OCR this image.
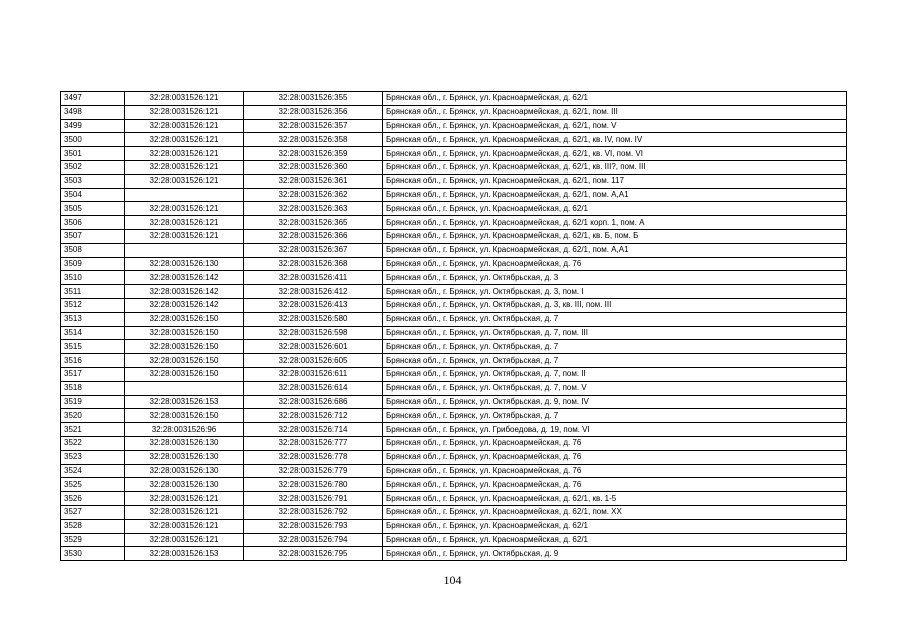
3497	32:28:0031526:121	32:28:0031526:355	Брянская обл., г. Брянск, ул. Красноармейская, д. 62/1
3498	32:28:0031526:121	32:28:0031526:356	Брянская обл., г. Брянск, ул. Красноармейская, д. 62/1, пом. III
3499	32:28:0031526:121	32:28:0031526:357	Брянская обл., г. Брянск, ул. Красноармейская, д. 62/1, пом. V
3500	32:28:0031526:121	32:28:0031526:358	Брянская обл., г. Брянск, ул. Красноармейская, д. 62/1, кв. IV, пом. IV
3501	32:28:0031526:121	32:28:0031526:359	Брянская обл., г. Брянск, ул. Красноармейская, д. 62/1, кв. VI, пом. VI
3502	32:28:0031526:121	32:28:0031526:360	Брянская обл., г. Брянск, ул. Красноармейская, д. 62/1, кв. III?, пом. III
3503	32:28:0031526:121	32:28:0031526:361	Брянская обл., г. Брянск, ул. Красноармейская, д. 62/1, пом. 117
3504		32:28:0031526:362	Брянская обл., г. Брянск, ул. Красноармейская, д. 62/1, пом. А,А1
3505	32:28:0031526:121	32:28:0031526:363	Брянская обл., г. Брянск, ул. Красноармейская, д. 62/1
3506	32:28:0031526:121	32:28:0031526:365	Брянская обл., г. Брянск, ул. Красноармейская, д. 62/1 корп. 1, пом. А
3507	32:28:0031526:121	32:28:0031526:366	Брянская обл., г. Брянск, ул. Красноармейская, д. 62/1, кв. Б, пом. Б
3508		32:28:0031526:367	Брянская обл., г. Брянск, ул. Красноармейская, д. 62/1, пом. А,А1
3509	32:28:0031526:130	32:28:0031526:368	Брянская обл., г. Брянск, ул. Красноармейская, д. 76
3510	32:28:0031526:142	32:28:0031526:411	Брянская обл., г. Брянск, ул. Октябрьская, д. 3
3511	32:28:0031526:142	32:28:0031526:412	Брянская обл., г. Брянск, ул. Октябрьская, д. 3, пом. I
3512	32:28:0031526:142	32:28:0031526:413	Брянская обл., г. Брянск, ул. Октябрьская, д. 3, кв. III, пом. III
3513	32:28:0031526:150	32:28:0031526:580	Брянская обл., г. Брянск, ул. Октябрьская, д. 7
3514	32:28:0031526:150	32:28:0031526:598	Брянская обл., г. Брянск, ул. Октябрьская, д. 7, пом. III
3515	32:28:0031526:150	32:28:0031526:601	Брянская обл., г. Брянск, ул. Октябрьская, д. 7
3516	32:28:0031526:150	32:28:0031526:605	Брянская обл., г. Брянск, ул. Октябрьская, д. 7
3517	32:28:0031526:150	32:28:0031526:611	Брянская обл., г. Брянск, ул. Октябрьская, д. 7, пом. II
3518		32:28:0031526:614	Брянская обл., г. Брянск, ул. Октябрьская, д. 7, пом. V
3519	32:28:0031526:153	32:28:0031526:686	Брянская обл., г. Брянск, ул. Октябрьская, д. 9, пом. IV
3520	32:28:0031526:150	32:28:0031526:712	Брянская обл., г. Брянск, ул. Октябрьская, д. 7
3521	32:28:0031526:96	32:28:0031526:714	Брянская обл., г. Брянск, ул. Грибоедова, д. 19, пом. VI
3522	32:28:0031526:130	32:28:0031526:777	Брянская обл., г. Брянск, ул. Красноармейская, д. 76
3523	32:28:0031526:130	32:28:0031526:778	Брянская обл., г. Брянск, ул. Красноармейская, д. 76
3524	32:28:0031526:130	32:28:0031526:779	Брянская обл., г. Брянск, ул. Красноармейская, д. 76
3525	32:28:0031526:130	32:28:0031526:780	Брянская обл., г. Брянск, ул. Красноармейская, д. 76
3526	32:28:0031526:121	32:28:0031526:791	Брянская обл., г. Брянск, ул. Красноармейская, д. 62/1, кв. 1-5
3527	32:28:0031526:121	32:28:0031526:792	Брянская обл., г. Брянск, ул. Красноармейская, д. 62/1, пом. XX
3528	32:28:0031526:121	32:28:0031526:793	Брянская обл., г. Брянск, ул. Красноармейская, д. 62/1
3529	32:28:0031526:121	32:28:0031526:794	Брянская обл., г. Брянск, ул. Красноармейская, д. 62/1
3530	32:28:0031526:153	32:28:0031526:795	Брянская обл., г. Брянск, ул. Октябрьская, д. 9
104
